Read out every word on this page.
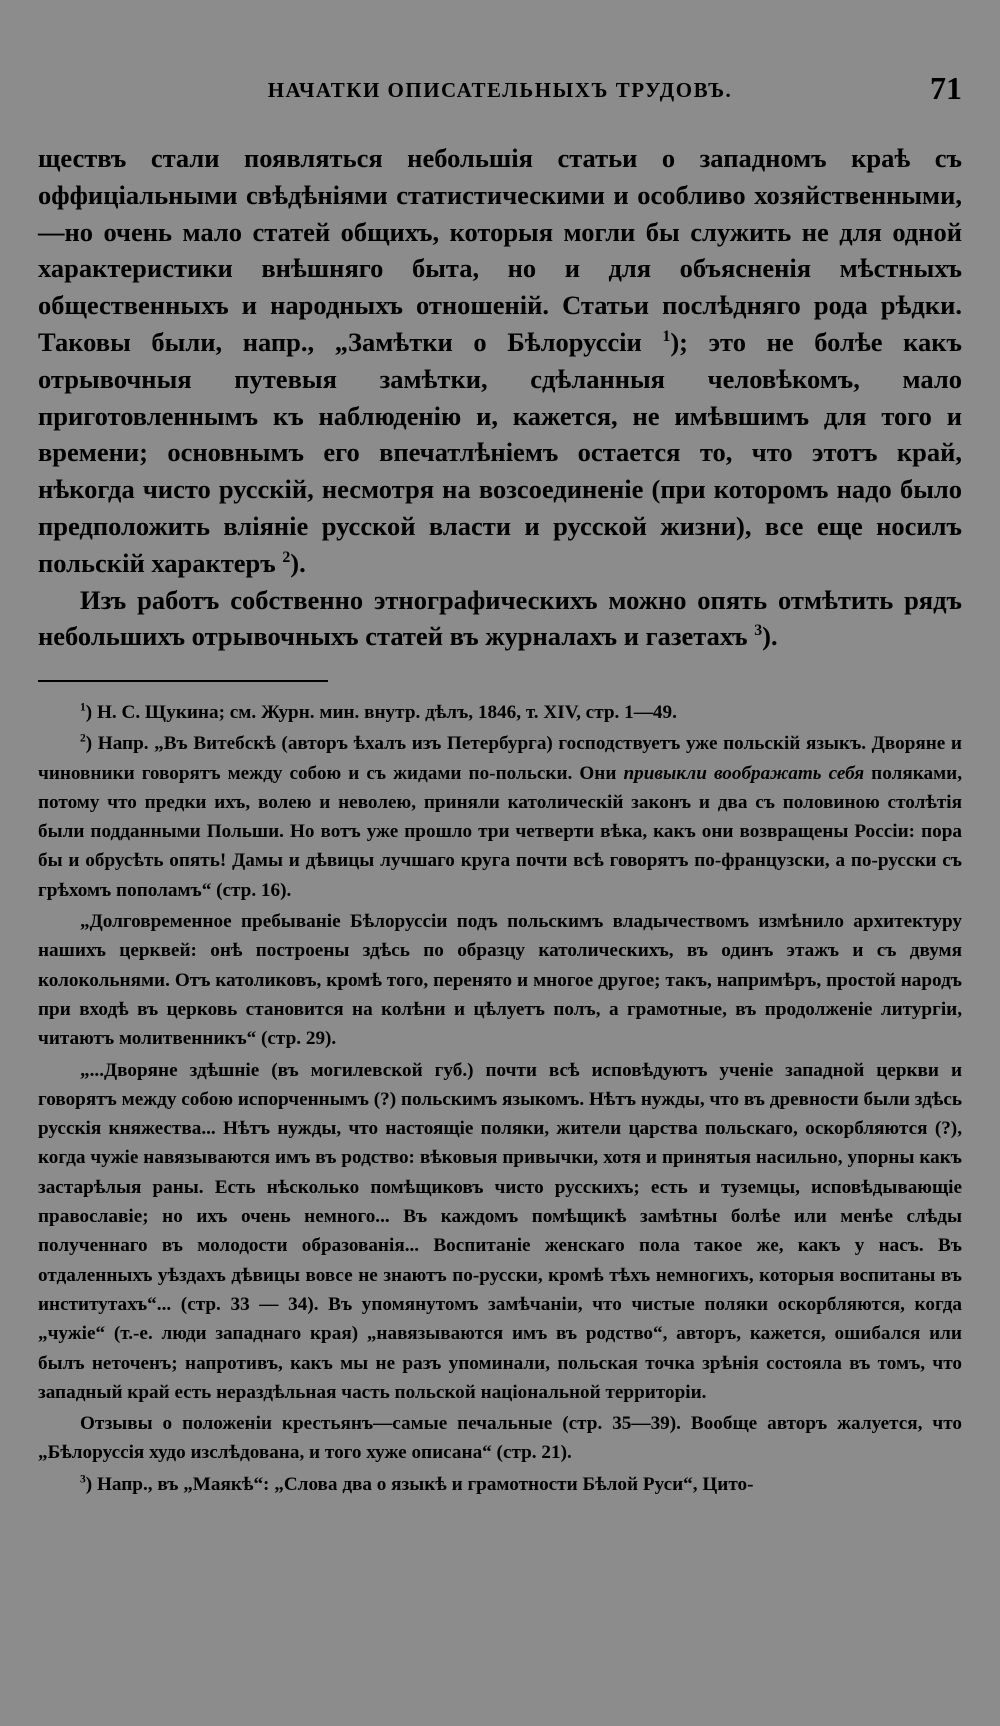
НАЧАТКИ ОПИСАТЕЛЬНЫХЪ ТРУДОВЪ.	71

ществъ стали появляться небольшія статьи о западномъ краѣ съ оффиціальными свѣдѣніями статистическими и особливо хозяйственными,—но очень мало статей общихъ, которыя могли бы служить не для одной характеристики внѣшняго быта, но и для объясненія мѣстныхъ общественныхъ и народныхъ отношеній. Статьи послѣдняго рода рѣдки. Таковы были, напр., „Замѣтки о Бѣлоруссіи $^1$); это не болѣе какъ отрывочныя путевыя замѣтки, сдѣланныя человѣкомъ, мало приготовленнымъ къ наблюденію и, кажется, не имѣвшимъ для того и времени; основнымъ его впечатлѣніемъ остается то, что этотъ край, нѣкогда чисто русскій, несмотря на возсоединеніе (при которомъ надо было предположить вліяніе русской власти и русской жизни), все еще носилъ польскій характеръ $^2$).

Изъ работъ собственно этнографическихъ можно опять отмѣтить рядъ небольшихъ отрывочныхъ статей въ журналахъ и газетахъ $^3$).

$^1$) Н. С. Щукина; см. Журн. мин. внутр. дѣлъ, 1846, т. XIV, стр. 1—49.

$^2$) Напр. „Въ Витебскѣ (авторъ ѣхалъ изъ Петербурга) господствуетъ уже польскій языкъ. Дворяне и чиновники говорятъ между собою и съ жидами по-польски. Они привыкли воображать себя поляками, потому что предки ихъ, волею и неволею, приняли католическій законъ и два съ половиною столѣтія были подданными Польши. Но вотъ уже прошло три четверти вѣка, какъ они возвращены Россіи: пора бы и обрусѣть опять! Дамы и дѣвицы лучшаго круга почти всѣ говорятъ по-французски, а по-русски съ грѣхомъ пополамъ“ (стр. 16).

„Долговременное пребываніе Бѣлоруссіи подъ польскимъ владычествомъ измѣнило архитектуру нашихъ церквей: онѣ построены здѣсь по образцу католическихъ, въ одинъ этажъ и съ двумя колокольнями. Отъ католиковъ, кромѣ того, перенято и многое другое; такъ, напримѣръ, простой народъ при входѣ въ церковь становится на колѣни и цѣлуетъ полъ, а грамотные, въ продолженіе литургіи, читаютъ молитвенникъ“ (стр. 29).

„...Дворяне здѣшніе (въ могилевской губ.) почти всѣ исповѣдуютъ ученіе западной церкви и говорятъ между собою испорченнымъ (?) польскимъ языкомъ. Нѣтъ нужды, что въ древности были здѣсь русскія княжества... Нѣтъ нужды, что настоящіе поляки, жители царства польскаго, оскорбляются (?), когда чужіе навязываются имъ въ родство: вѣковыя привычки, хотя и принятыя насильно, упорны какъ застарѣлыя раны. Есть нѣсколько помѣщиковъ чисто русскихъ; есть и туземцы, исповѣдывающіе православіе; но ихъ очень немного... Въ каждомъ помѣщикѣ замѣтны болѣе или менѣе слѣды полученнаго въ молодости образованія... Воспитаніе женскаго пола такое же, какъ у насъ. Въ отдаленныхъ уѣздахъ дѣвицы вовсе не знаютъ по-русски, кромѣ тѣхъ немногихъ, которыя воспитаны въ институтахъ“... (стр. 33 — 34). Въ упомянутомъ замѣчаніи, что чистые поляки оскорбляются, когда „чужіе“ (т.-е. люди западнаго края) „навязываются имъ въ родство“, авторъ, кажется, ошибался или былъ неточенъ; напротивъ, какъ мы не разъ упоминали, польская точка зрѣнія состояла въ томъ, что западный край есть нераздѣльная часть польской національной территоріи.

Отзывы о положеніи крестьянъ—самые печальные (стр. 35—39). Вообще авторъ жалуется, что „Бѣлоруссія худо изслѣдована, и того хуже описана“ (стр. 21).

$^3$) Напр., въ „Маякѣ“: „Слова два о языкѣ и грамотности Бѣлой Руси“, Цито-
